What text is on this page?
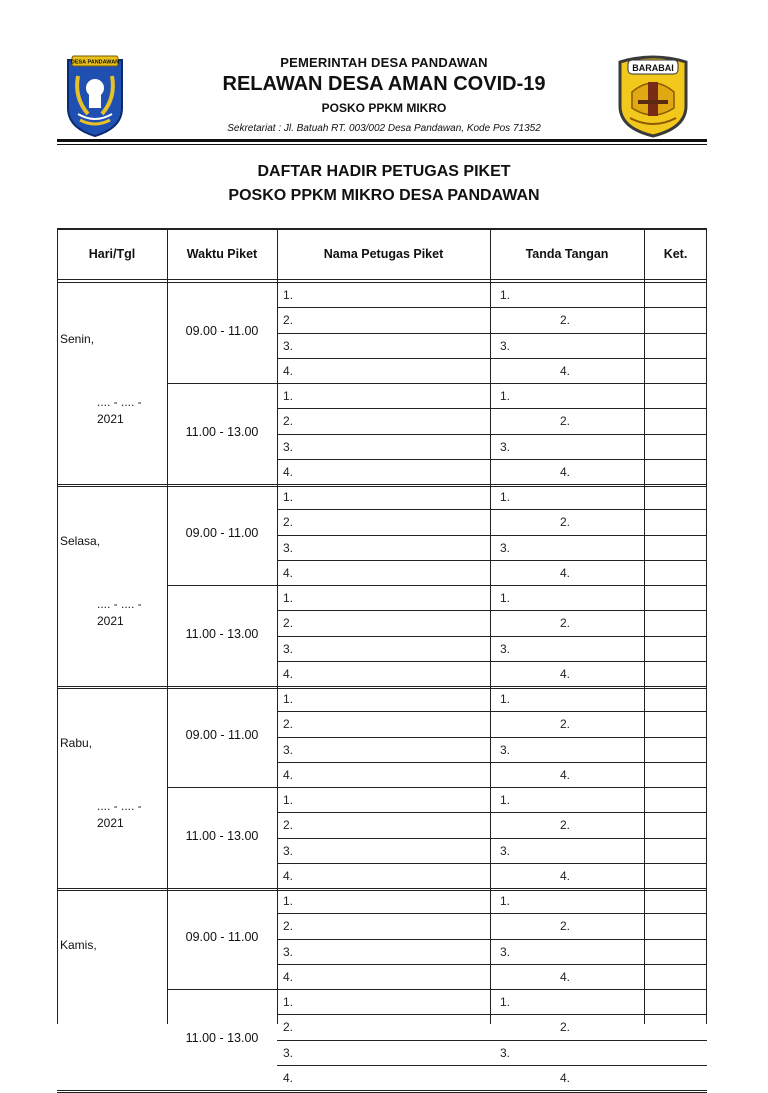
DESA PANDAWAN
BARABAI
PEMERINTAH DESA PANDAWAN
RELAWAN DESA AMAN COVID-19
POSKO PPKM MIKRO
Sekretariat : Jl. Batuah RT. 003/002 Desa Pandawan, Kode Pos 71352
DAFTAR HADIR PETUGAS PIKET
POSKO PPKM MIKRO DESA PANDAWAN
Hari/Tgl	Waktu Piket	Nama Petugas Piket	Tanda Tangan	Ket.
Senin,
.... - .... -
2021
09.00 - 11.00
1.	1.
2.	2.
3.	3.
4.	4.
11.00 - 13.00
1.	1.
2.	2.
3.	3.
4.	4.
Selasa,
.... - .... -
2021
09.00 - 11.00
1.	1.
2.	2.
3.	3.
4.	4.
11.00 - 13.00
1.	1.
2.	2.
3.	3.
4.	4.
Rabu,
.... - .... -
2021
09.00 - 11.00
1.	1.
2.	2.
3.	3.
4.	4.
11.00 - 13.00
1.	1.
2.	2.
3.	3.
4.	4.
Kamis,
09.00 - 11.00
1.	1.
2.	2.
3.	3.
4.	4.
11.00 - 13.00
1.	1.
2.	2.
3.	3.
4.	4.
